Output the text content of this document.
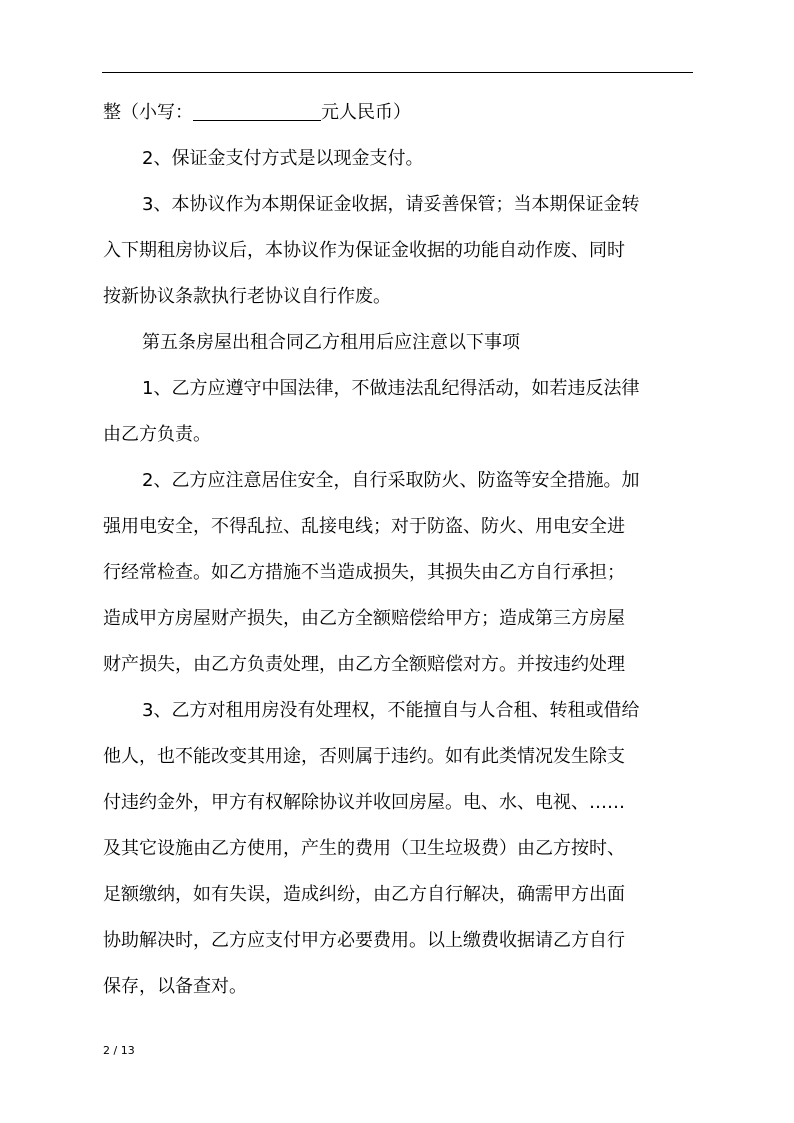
整（小写：	元人民币）
2、保证金支付方式是以现金支付。
3、本协议作为本期保证金收据，请妥善保管；当本期保证金转
入下期租房协议后，本协议作为保证金收据的功能自动作废、同时
按新协议条款执行老协议自行作废。
第五条房屋出租合同乙方租用后应注意以下事项
1、乙方应遵守中国法律，不做违法乱纪得活动，如若违反法律
由乙方负责。
2、乙方应注意居住安全，自行采取防火、防盗等安全措施。加
强用电安全，不得乱拉、乱接电线；对于防盗、防火、用电安全进
行经常检查。如乙方措施不当造成损失，其损失由乙方自行承担；
造成甲方房屋财产损失，由乙方全额赔偿给甲方；造成第三方房屋
财产损失，由乙方负责处理，由乙方全额赔偿对方。并按违约处理
3、乙方对租用房没有处理权，不能擅自与人合租、转租或借给
他人，也不能改变其用途，否则属于违约。如有此类情况发生除支
付违约金外，甲方有权解除协议并收回房屋。电、水、电视、……
及其它设施由乙方使用，产生的费用（卫生垃圾费）由乙方按时、
足额缴纳，如有失误，造成纠纷，由乙方自行解决，确需甲方出面
协助解决时，乙方应支付甲方必要费用。以上缴费收据请乙方自行
保存，以备查对。
2 / 13
